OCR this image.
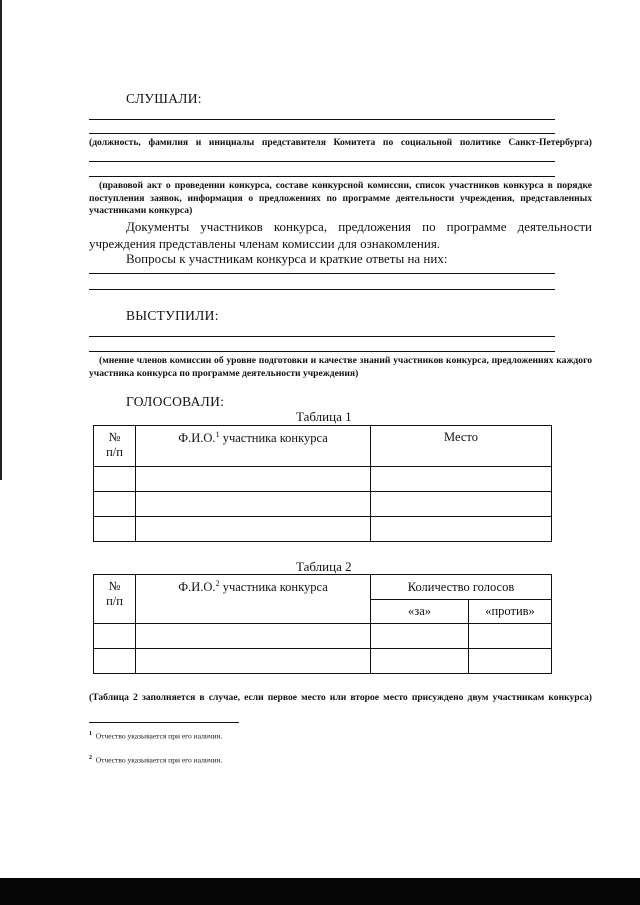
СЛУШАЛИ:
(должность, фамилия и инициалы представителя Комитета по социальной политике Санкт-Петербурга)
(правовой акт о проведении конкурса, составе конкурсной комиссии, список участников конкурса в порядке поступления заявок, информация о предложениях по программе деятельности учреждения, представленных участниками конкурса)
Документы участников конкурса, предложения по программе деятельности учреждения представлены членам комиссии для ознакомления.
Вопросы к участникам конкурса и краткие ответы на них:
ВЫСТУПИЛИ:
(мнение членов комиссии об уровне подготовки и качестве знаний участников конкурса, предложениях каждого участника конкурса по программе деятельности учреждения)
ГОЛОСОВАЛИ:
Таблица 1
№
п/п	Ф.И.О.$^1$ участника конкурса	Место

Таблица 2
№
п/п	Ф.И.О.$^2$ участника конкурса	Количество голосов	
		«за»	«против»

(Таблица 2 заполняется в случае, если первое место или второе место присуждено двум участникам конкурса)
$^1$ Отчество указывается при его наличии.
$^2$ Отчество указывается при его наличии.
